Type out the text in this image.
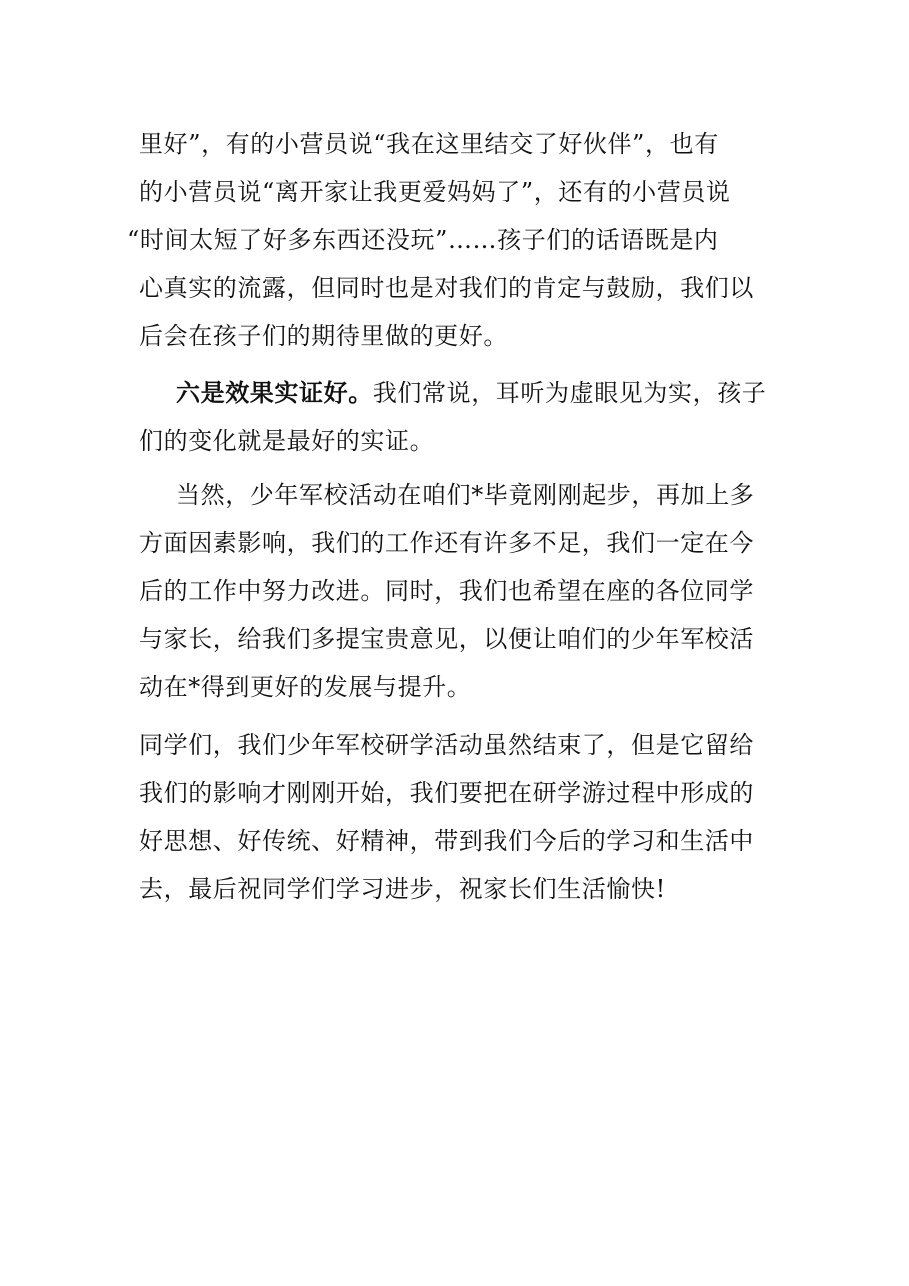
里好”，有的小营员说“我在这里结交了好伙伴”，也有
的小营员说“离开家让我更爱妈妈了”，还有的小营员说
“时间太短了好多东西还没玩”……孩子们的话语既是内
心真实的流露，但同时也是对我们的肯定与鼓励，我们以
后会在孩子们的期待里做的更好。
六是效果实证好。我们常说，耳听为虚眼见为实，孩子
们的变化就是最好的实证。
当然，少年军校活动在咱们*毕竟刚刚起步，再加上多
方面因素影响，我们的工作还有许多不足，我们一定在今
后的工作中努力改进。同时，我们也希望在座的各位同学
与家长，给我们多提宝贵意见，以便让咱们的少年军校活
动在*得到更好的发展与提升。
同学们，我们少年军校研学活动虽然结束了，但是它留给
我们的影响才刚刚开始，我们要把在研学游过程中形成的
好思想、好传统、好精神，带到我们今后的学习和生活中
去，最后祝同学们学习进步，祝家长们生活愉快!
